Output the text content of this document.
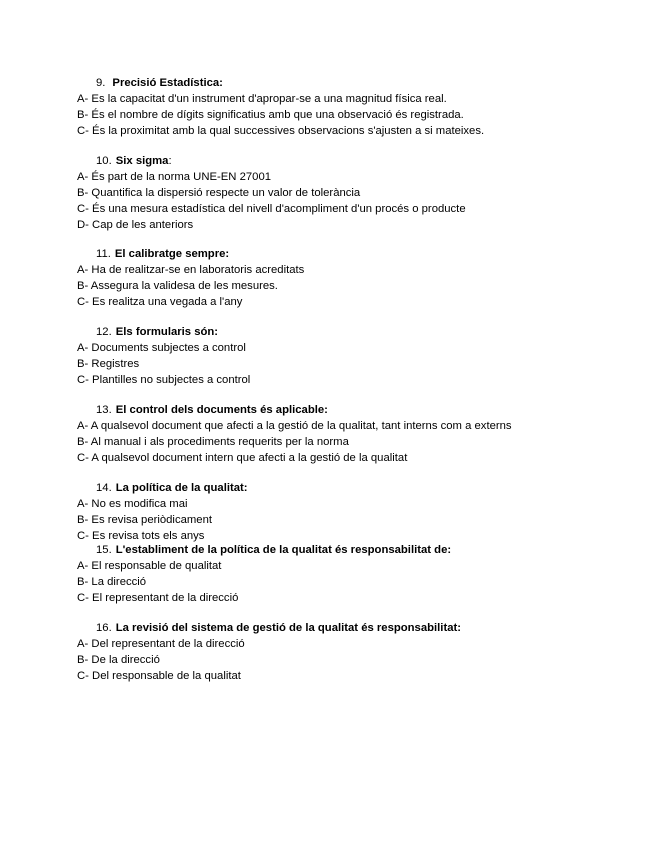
9. Precisió Estadística:
A- Es la capacitat d'un instrument d'apropar-se a una magnitud física real.
B- És el nombre de dígits significatius amb que una observació és registrada.
C- És la proximitat amb la qual successives observacions s'ajusten a si mateixes.
10. Six sigma:
A- És part de la norma UNE-EN 27001
B- Quantifica la dispersió respecte un valor de tolerància
C- És una mesura estadística del nivell d'acompliment d'un procés o producte
D- Cap de les anteriors
11. El calibratge sempre:
A- Ha de realitzar-se en laboratoris acreditats
B- Assegura la validesa de les mesures.
C- Es realitza una vegada a l'any
12. Els formularis són:
A- Documents subjectes a control
B- Registres
C- Plantilles no subjectes a control
13. El control dels documents és aplicable:
A- A qualsevol document que afecti a la gestió de la qualitat, tant interns com a externs
B- Al manual i als procediments requerits per la norma
C- A qualsevol document intern que afecti a la gestió de la qualitat
14. La política de la qualitat:
A- No es modifica mai
B- Es revisa periòdicament
C- Es revisa tots els anys
15. L'establiment de la política de la qualitat és responsabilitat de:
A- El responsable de qualitat
B- La direcció
C- El representant de la direcció
16. La revisió del sistema de gestió de la qualitat és responsabilitat:
A- Del representant de la direcció
B- De la direcció
C- Del responsable de la qualitat
